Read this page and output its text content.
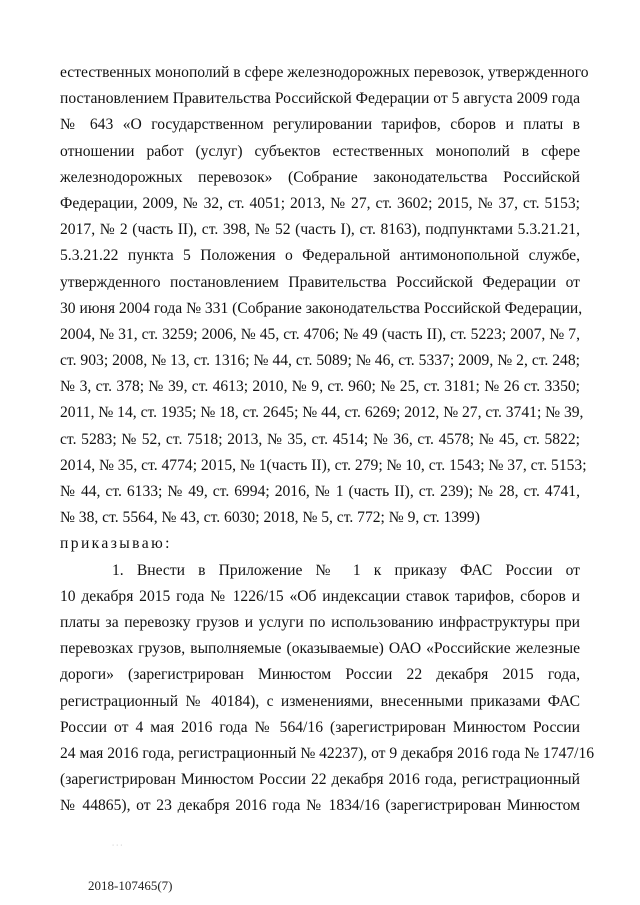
естественных монополий в сфере железнодорожных перевозок, утвержденного
постановлением Правительства Российской Федерации от 5 августа 2009 года
№ 643 «О государственном регулировании тарифов, сборов и платы в
отношении работ (услуг) субъектов естественных монополий в сфере
железнодорожных перевозок» (Собрание законодательства Российской
Федерации, 2009, № 32, ст. 4051; 2013, № 27, ст. 3602; 2015, № 37, ст. 5153;
2017, № 2 (часть II), ст. 398, № 52 (часть I), ст. 8163), подпунктами 5.3.21.21,
5.3.21.22 пункта 5 Положения о Федеральной антимонопольной службе,
утвержденного постановлением Правительства Российской Федерации от
30 июня 2004 года № 331 (Собрание законодательства Российской Федерации,
2004, № 31, ст. 3259; 2006, № 45, ст. 4706; № 49 (часть II), ст. 5223; 2007, № 7,
ст. 903; 2008, № 13, ст. 1316; № 44, ст. 5089; № 46, ст. 5337; 2009, № 2, ст. 248;
№ 3, ст. 378; № 39, ст. 4613; 2010, № 9, ст. 960; № 25, ст. 3181; № 26 ст. 3350;
2011, № 14, ст. 1935; № 18, ст. 2645; № 44, ст. 6269; 2012, № 27, ст. 3741; № 39,
ст. 5283; № 52, ст. 7518; 2013, № 35, ст. 4514; № 36, ст. 4578; № 45, ст. 5822;
2014, № 35, ст. 4774; 2015, № 1(часть II), ст. 279; № 10, ст. 1543; № 37, ст. 5153;
№ 44, ст. 6133; № 49, ст. 6994; 2016, № 1 (часть II), ст. 239); № 28, ст. 4741,
№ 38, ст. 5564, № 43, ст. 6030; 2018, № 5, ст. 772; № 9, ст. 1399)
приказываю:
1. Внести в Приложение № 1 к приказу ФАС России от
10 декабря 2015 года № 1226/15 «Об индексации ставок тарифов, сборов и
платы за перевозку грузов и услуги по использованию инфраструктуры при
перевозках грузов, выполняемые (оказываемые) ОАО «Российские железные
дороги» (зарегистрирован Минюстом России 22 декабря 2015 года,
регистрационный № 40184), с изменениями, внесенными приказами ФАС
России от 4 мая 2016 года № 564/16 (зарегистрирован Минюстом России
24 мая 2016 года, регистрационный № 42237), от 9 декабря 2016 года № 1747/16
(зарегистрирован Минюстом России 22 декабря 2016 года, регистрационный
№ 44865), от 23 декабря 2016 года № 1834/16 (зарегистрирован Минюстом
⸱ ⸱ ⸱
2018-107465(7)
